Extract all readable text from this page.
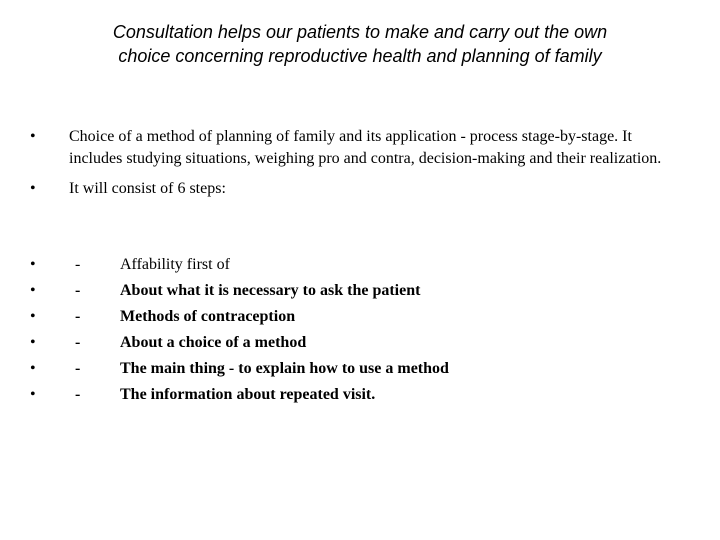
Consultation helps our patients to make and carry out the own
choice concerning reproductive health and planning of family
• Choice of a method of planning of family and its application - process stage-by-stage. It includes studying situations, weighing pro and contra, decision-making and their realization.
• It will consist of 6 steps:
• - Affability first of
• - About what it is necessary to ask the patient
• - Methods of contraception
• - About a choice of a method
• - The main thing - to explain how to use a method
• - The information about repeated visit.
